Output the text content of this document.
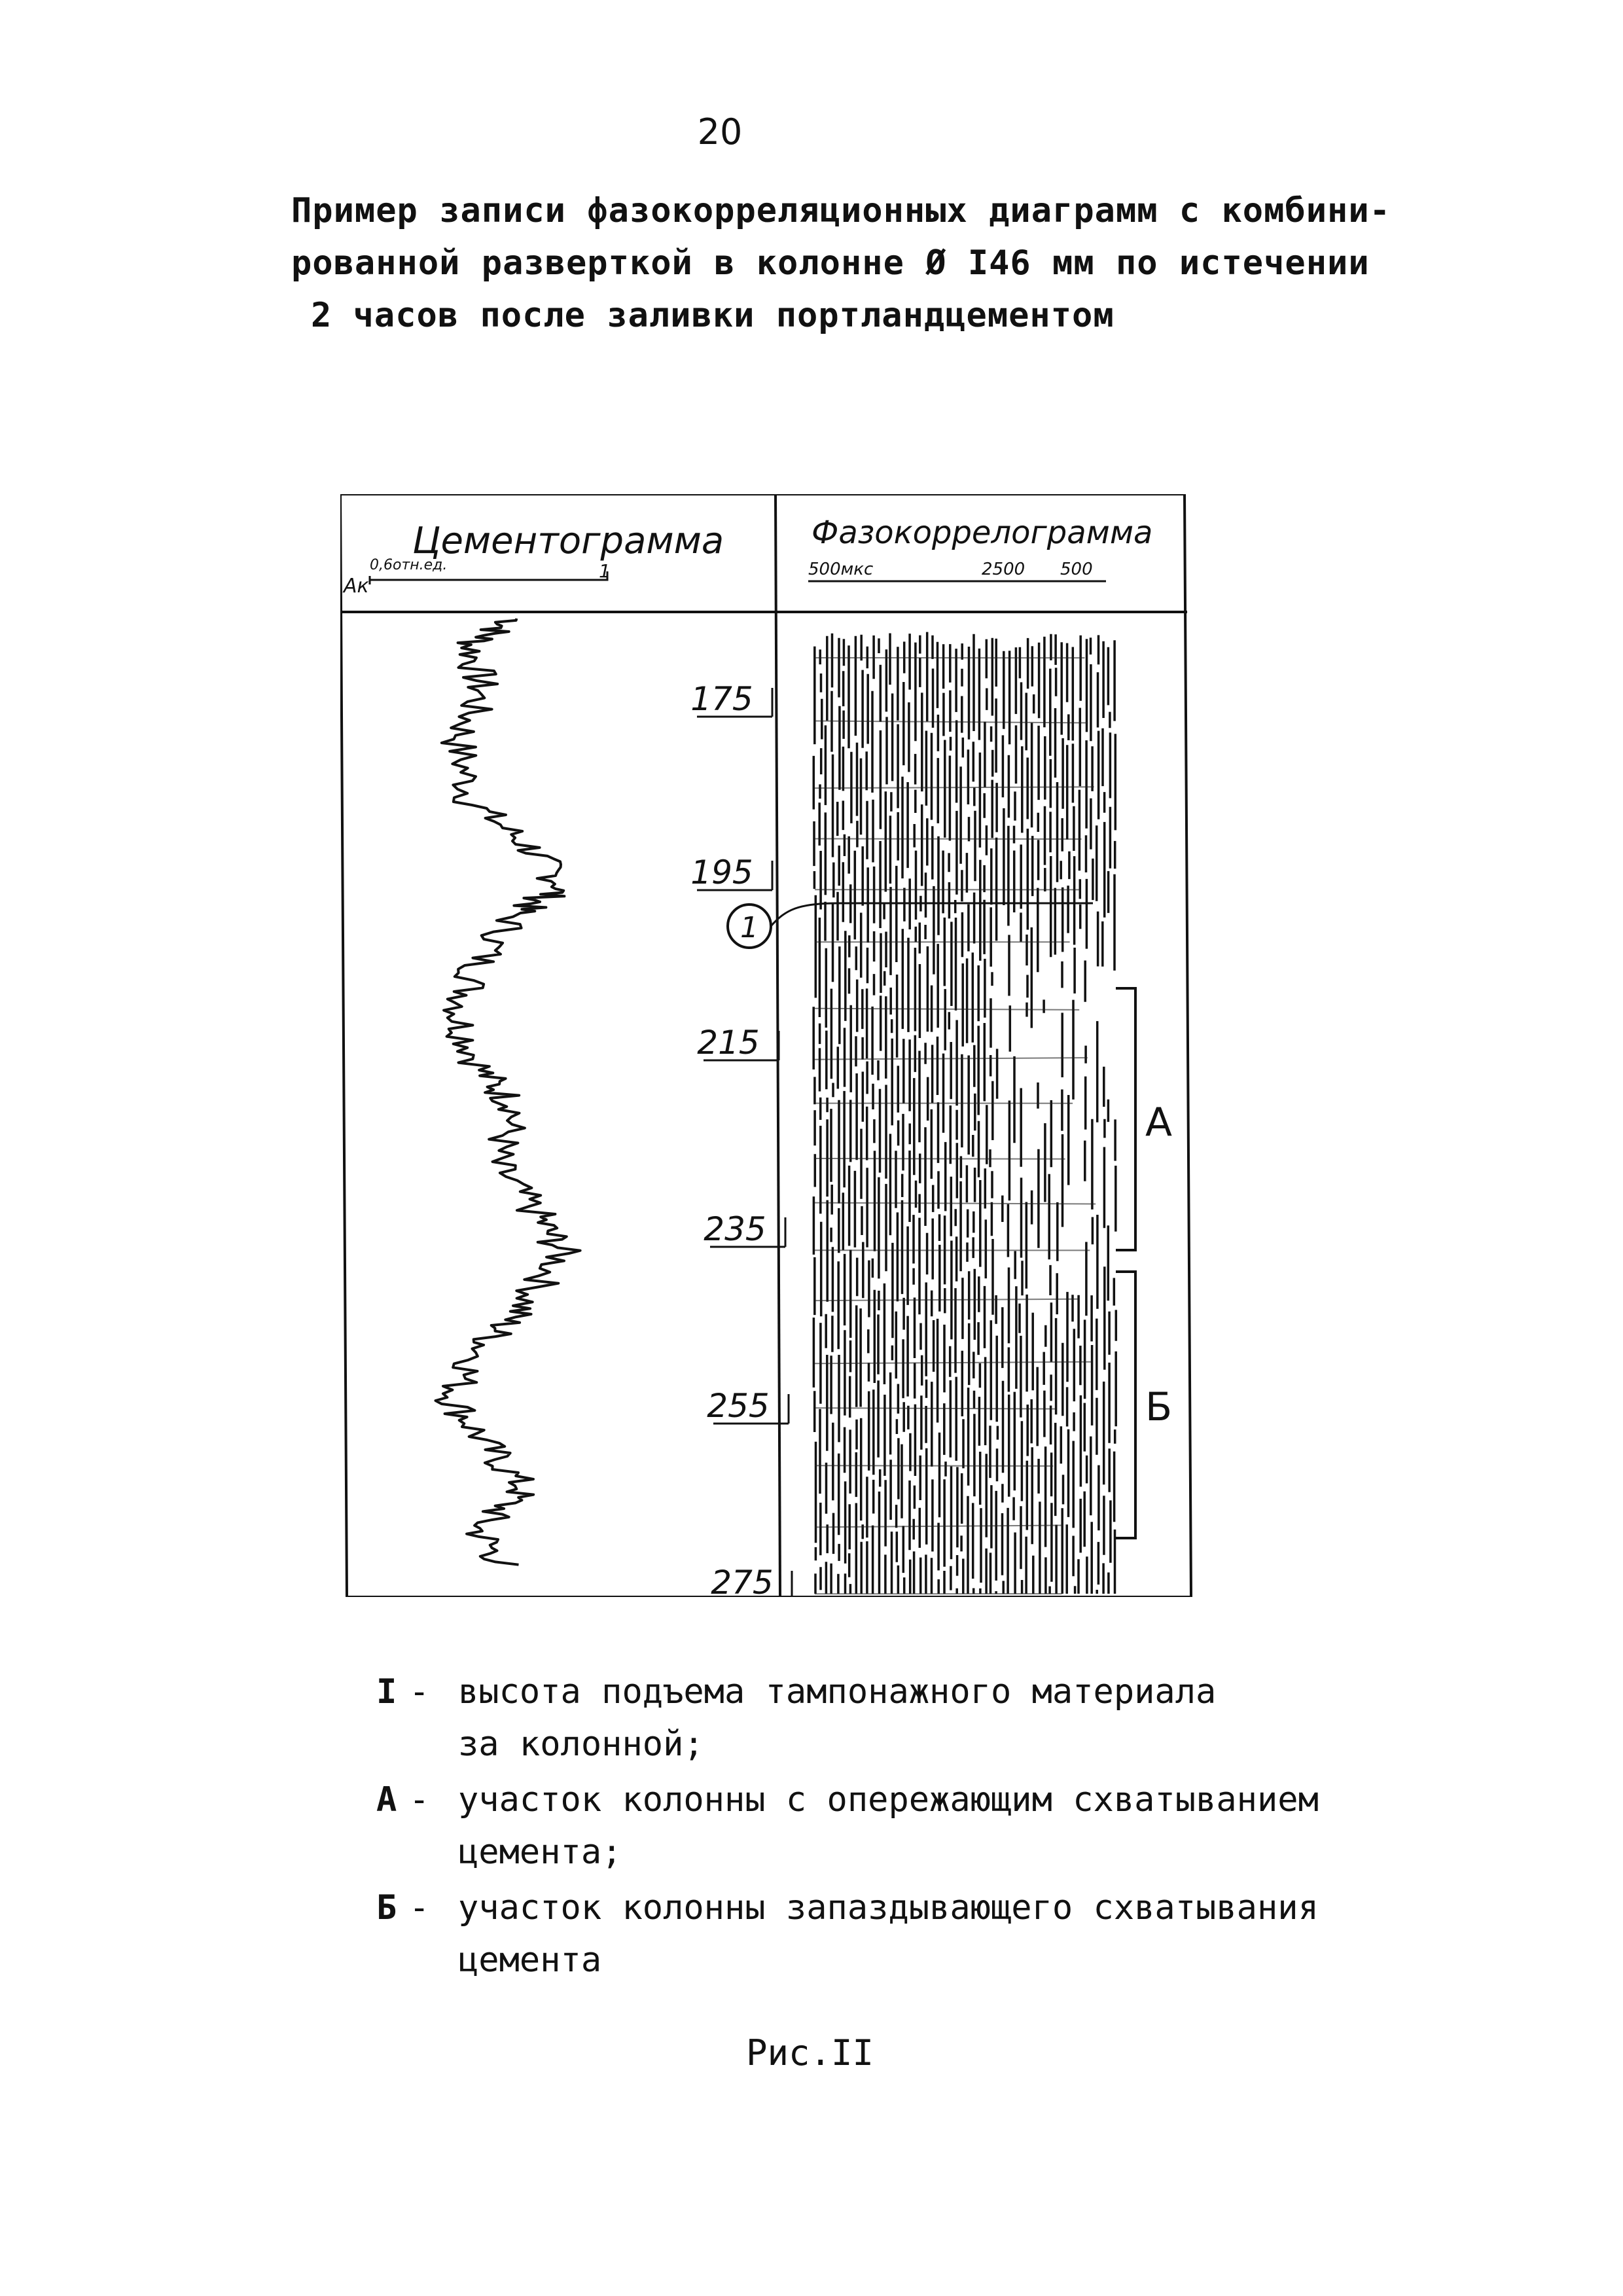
20
Пример записи фазокорреляционных диаграмм с комбини-
рованной разверткой в колонне Ø I46 мм по истечении
2 часов после заливки портландцементом
Цементограмма
Ак
0,6отн.ед.	1
Фазокоррелограмма
500мкс	2500 500
175
195
215
235
255
275
1
А
Б
I - высота подъема тампонажного материала
за колонной;
А - участок колонны с опережающим схватыванием
цемента;
Б - участок колонны запаздывающего схватывания
цемента
Рис.II
